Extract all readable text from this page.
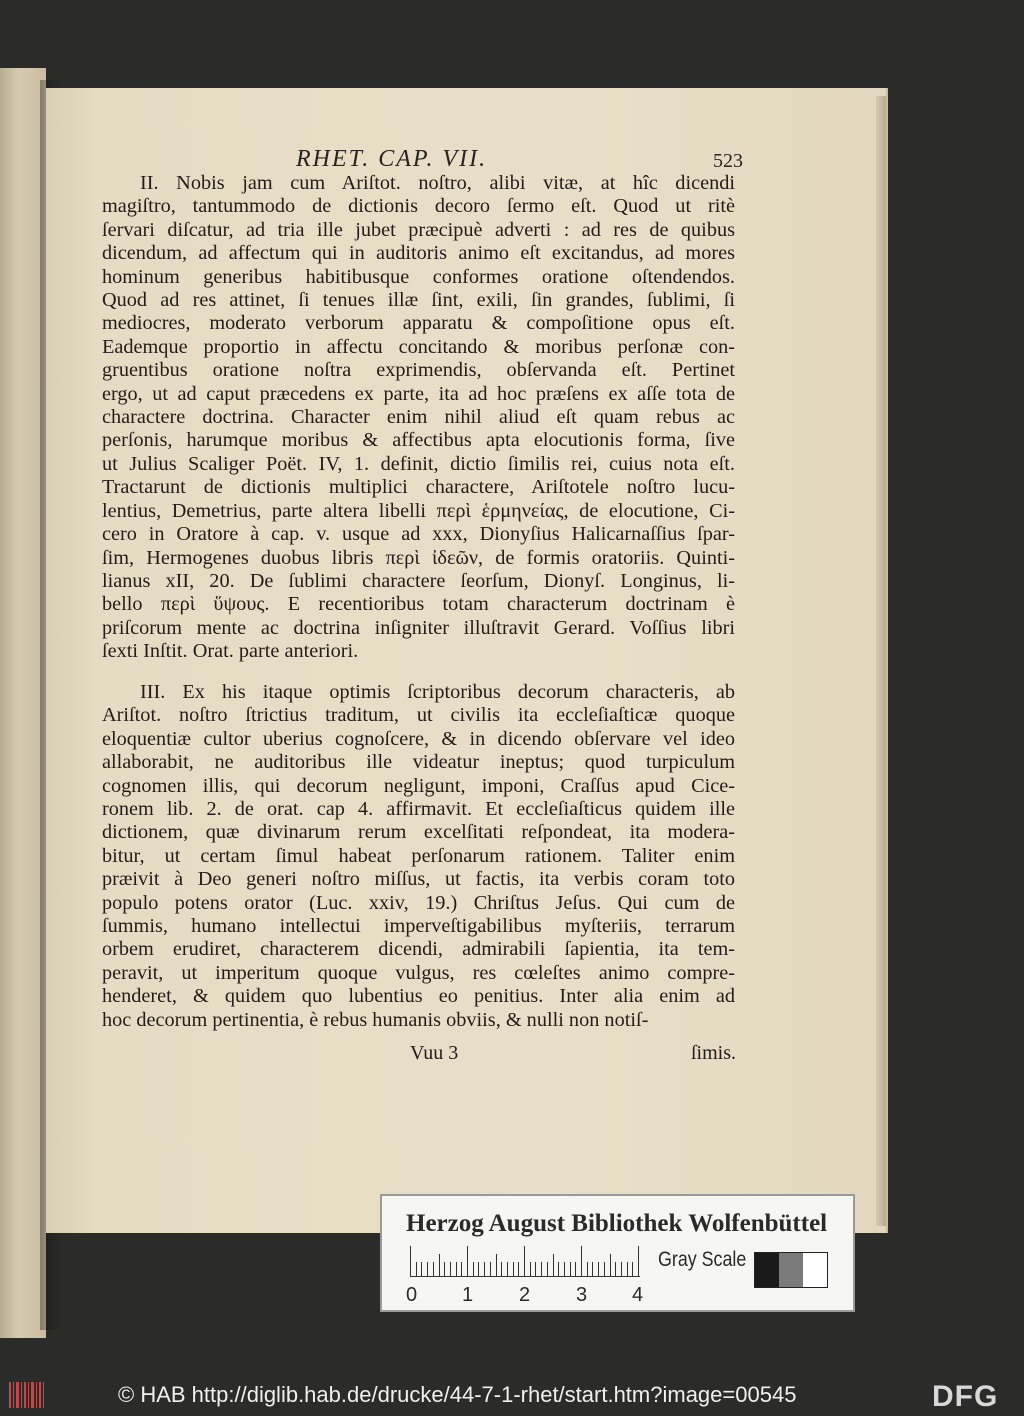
RHET. CAP. VII.	523
II. Nobis jam cum Ariſtot. noſtro, alibi vitæ, at hîc dicendi
magiſtro, tantummodo de dictionis decoro ſermo eſt. Quod ut ritè
ſervari diſcatur, ad tria ille jubet præcipuè adverti : ad res de quibus
dicendum, ad affectum qui in auditoris animo eſt excitandus, ad mores
hominum generibus habitibusque conformes oratione oſtendendos.
Quod ad res attinet, ſi tenues illæ ſint, exili, ſin grandes, ſublimi, ſi
mediocres, moderato verborum apparatu & compoſitione opus eſt.
Eademque proportio in affectu concitando & moribus perſonæ con-
gruentibus oratione noſtra exprimendis, obſervanda eſt. Pertinet
ergo, ut ad caput præcedens ex parte, ita ad hoc præſens ex aſſe tota de
charactere doctrina. Character enim nihil aliud eſt quam rebus ac
perſonis, harumque moribus & affectibus apta elocutionis forma, ſive
ut Julius Scaliger Poët. IV, 1. definit, dictio ſimilis rei, cuius nota eſt.
Tractarunt de dictionis multiplici charactere, Ariſtotele noſtro lucu-
lentius, Demetrius, parte altera libelli περὶ ἑρμηνείας, de elocutione, Ci-
cero in Oratore à cap. v. usque ad xxx, Dionyſius Halicarnaſſius ſpar-
ſim, Hermogenes duobus libris περὶ ἰδεῶν, de formis oratoriis. Quinti-
lianus xII, 20. De ſublimi charactere ſeorſum, Dionyſ. Longinus, li-
bello περὶ ὕψους. E recentioribus totam characterum doctrinam è
priſcorum mente ac doctrina inſigniter illuſtravit Gerard. Voſſius libri
ſexti Inſtit. Orat. parte anteriori.
III. Ex his itaque optimis ſcriptoribus decorum characteris, ab
Ariſtot. noſtro ſtrictius traditum, ut civilis ita eccleſiaſticæ quoque
eloquentiæ cultor uberius cognoſcere, & in dicendo obſervare vel ideo
allaborabit, ne auditoribus ille videatur ineptus; quod turpiculum
cognomen illis, qui decorum negligunt, imponi, Craſſus apud Cice-
ronem lib. 2. de orat. cap 4. affirmavit. Et eccleſiaſticus quidem ille
dictionem, quæ divinarum rerum excelſitati reſpondeat, ita modera-
bitur, ut certam ſimul habeat perſonarum rationem. Taliter enim
præivit à Deo generi noſtro miſſus, ut factis, ita verbis coram toto
populo potens orator (Luc. xxiv, 19.) Chriſtus Jeſus. Qui cum de
ſummis, humano intellectui imperveſtigabilibus myſteriis, terrarum
orbem erudiret, characterem dicendi, admirabili ſapientia, ita tem-
peravit, ut imperitum quoque vulgus, res cœleſtes animo compre-
henderet, & quidem quo lubentius eo penitius. Inter alia enim ad
hoc decorum pertinentia, è rebus humanis obviis, & nulli non notiſ-
Vuu 3	ſimis.
Herzog August Bibliothek Wolfenbüttel
0 1 2 3 4
Gray Scale
© HAB http://diglib.hab.de/drucke/44-7-1-rhet/start.htm?image=00545	DFG
